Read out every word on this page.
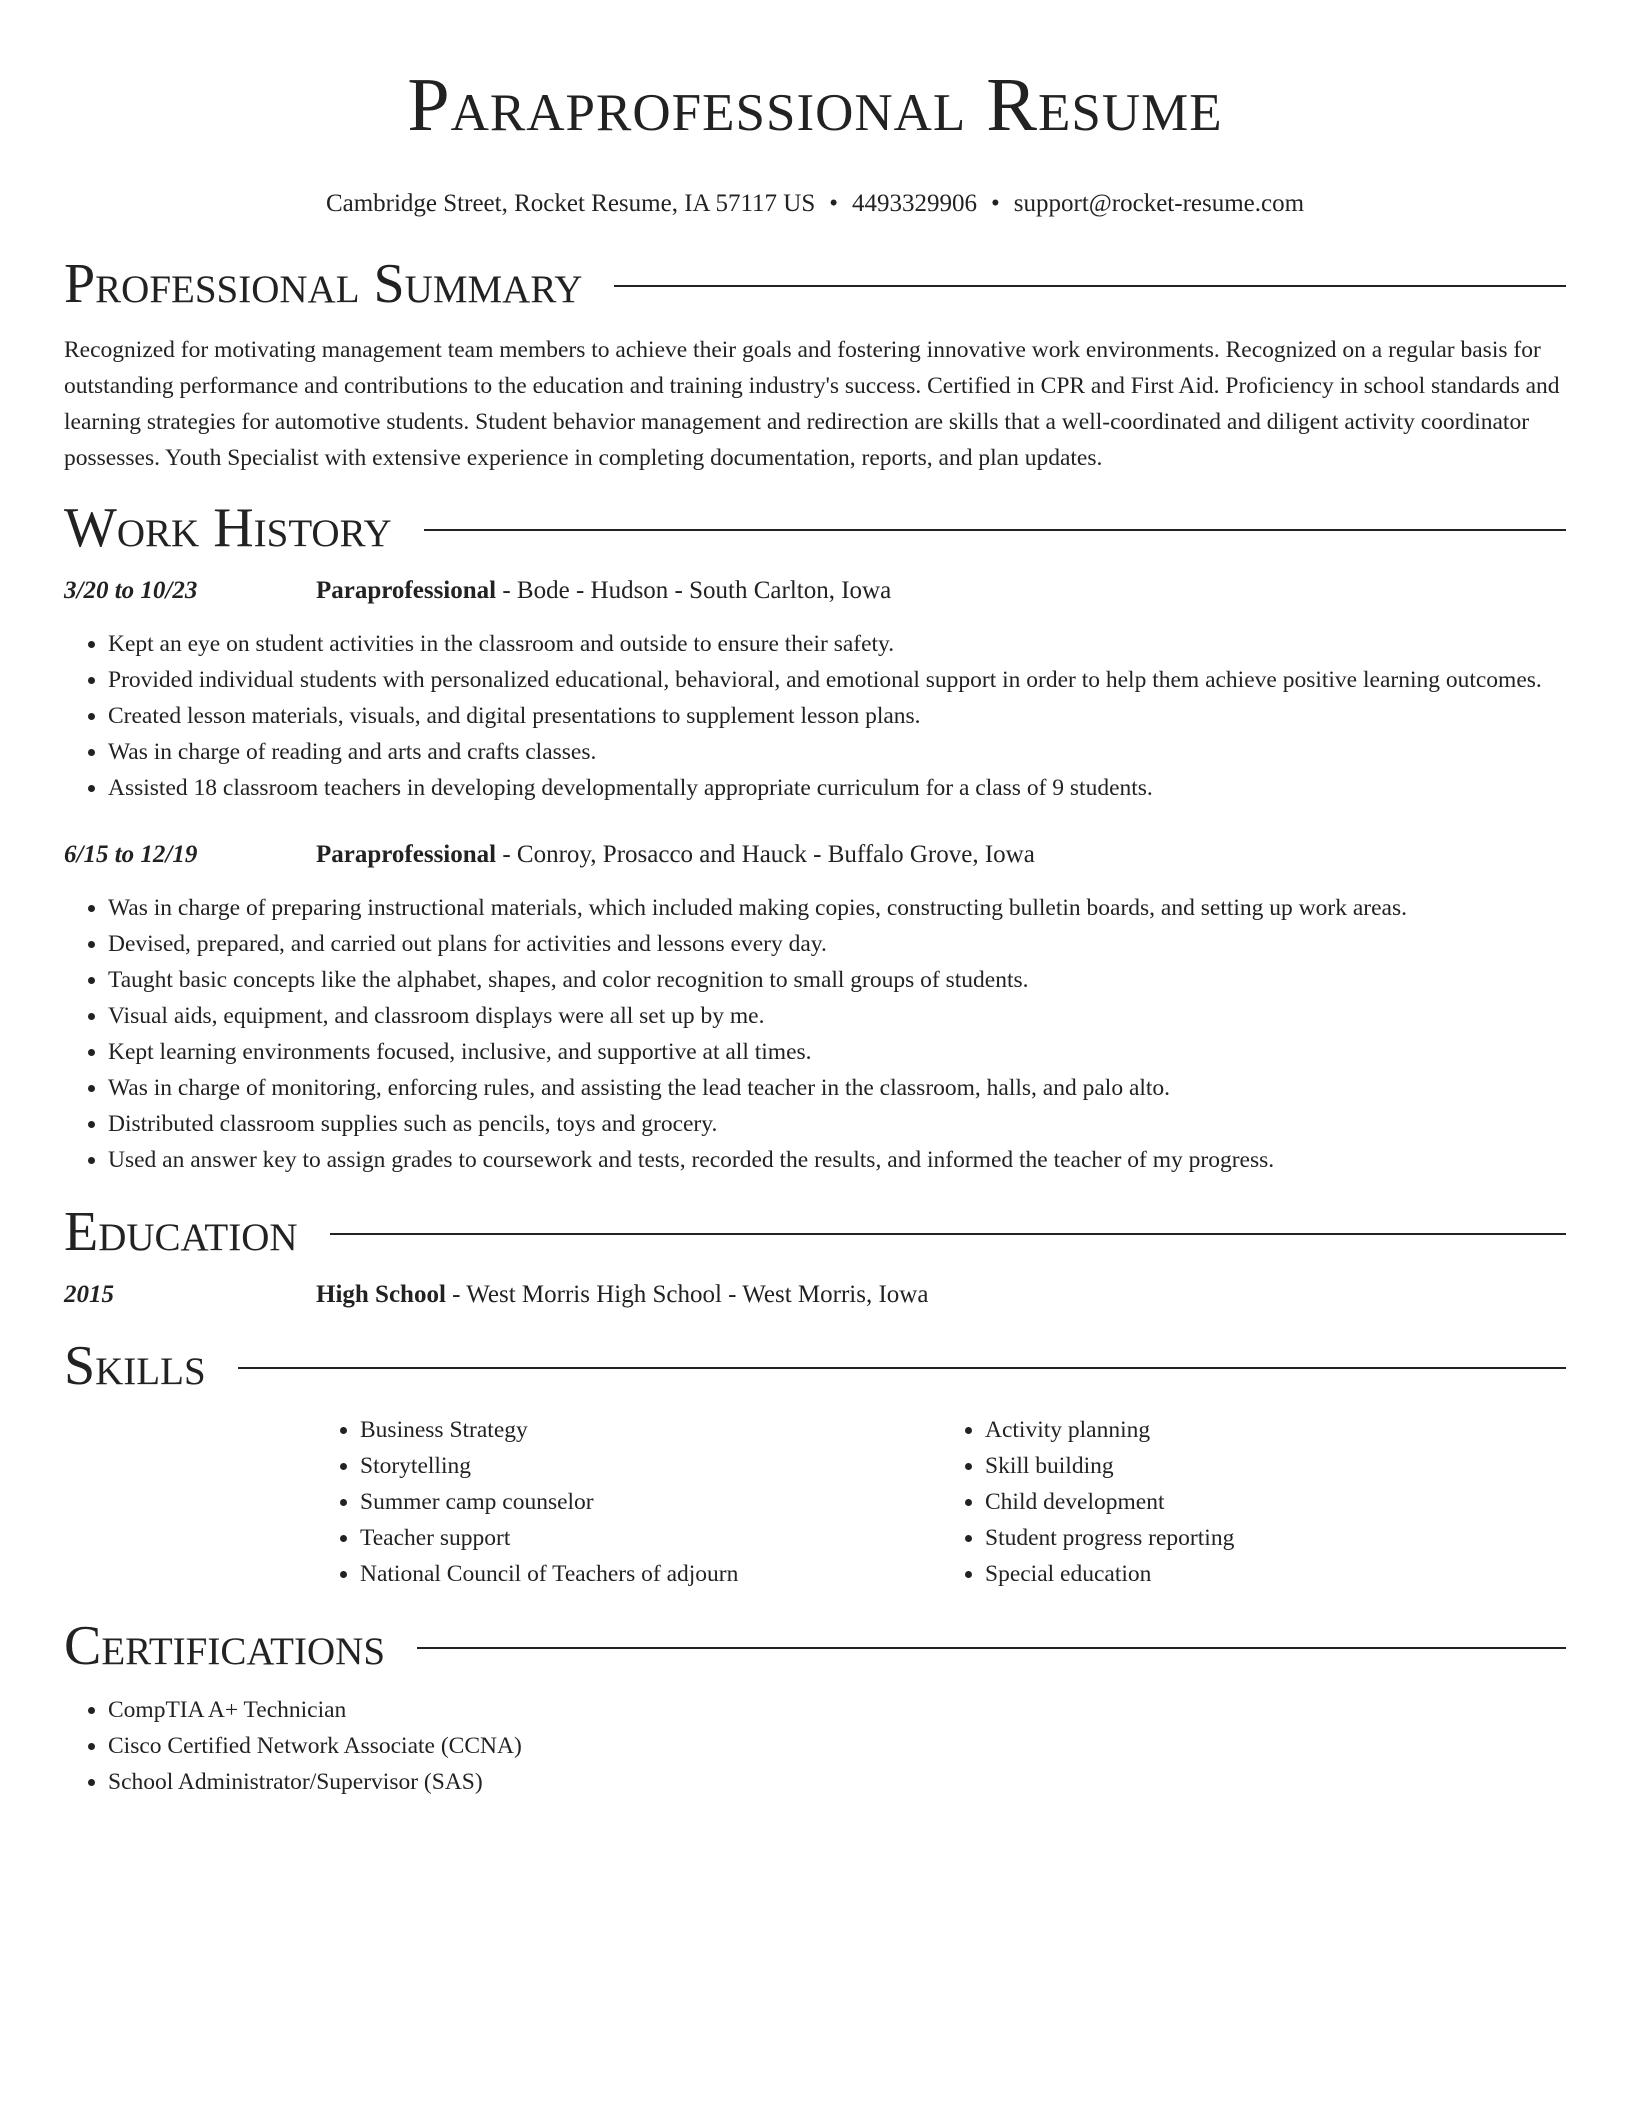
Paraprofessional Resume
Cambridge Street, Rocket Resume, IA 57117 US • 4493329906 • support@rocket-resume.com
Professional Summary

Recognized for motivating management team members to achieve their goals and fostering innovative work environments. Recognized on a regular basis for outstanding performance and contributions to the education and training industry's success. Certified in CPR and First Aid. Proficiency in school standards and learning strategies for automotive students. Student behavior management and redirection are skills that a well-coordinated and diligent activity coordinator possesses. Youth Specialist with extensive experience in completing documentation, reports, and plan updates.

Work History
3/20 to 10/23	Paraprofessional - Bode - Hudson - South Carlton, Iowa
• Kept an eye on student activities in the classroom and outside to ensure their safety.
• Provided individual students with personalized educational, behavioral, and emotional support in order to help them achieve positive learning outcomes.
• Created lesson materials, visuals, and digital presentations to supplement lesson plans.
• Was in charge of reading and arts and crafts classes.
• Assisted 18 classroom teachers in developing developmentally appropriate curriculum for a class of 9 students.
6/15 to 12/19	Paraprofessional - Conroy, Prosacco and Hauck - Buffalo Grove, Iowa
• Was in charge of preparing instructional materials, which included making copies, constructing bulletin boards, and setting up work areas.
• Devised, prepared, and carried out plans for activities and lessons every day.
• Taught basic concepts like the alphabet, shapes, and color recognition to small groups of students.
• Visual aids, equipment, and classroom displays were all set up by me.
• Kept learning environments focused, inclusive, and supportive at all times.
• Was in charge of monitoring, enforcing rules, and assisting the lead teacher in the classroom, halls, and palo alto.
• Distributed classroom supplies such as pencils, toys and grocery.
• Used an answer key to assign grades to coursework and tests, recorded the results, and informed the teacher of my progress.
Education
2015	High School - West Morris High School - West Morris, Iowa
Skills
• Business Strategy
• Storytelling
• Summer camp counselor
• Teacher support
• National Council of Teachers of adjourn
• Activity planning
• Skill building
• Child development
• Student progress reporting
• Special education
Certifications
• CompTIA A+ Technician
• Cisco Certified Network Associate (CCNA)
• School Administrator/Supervisor (SAS)
